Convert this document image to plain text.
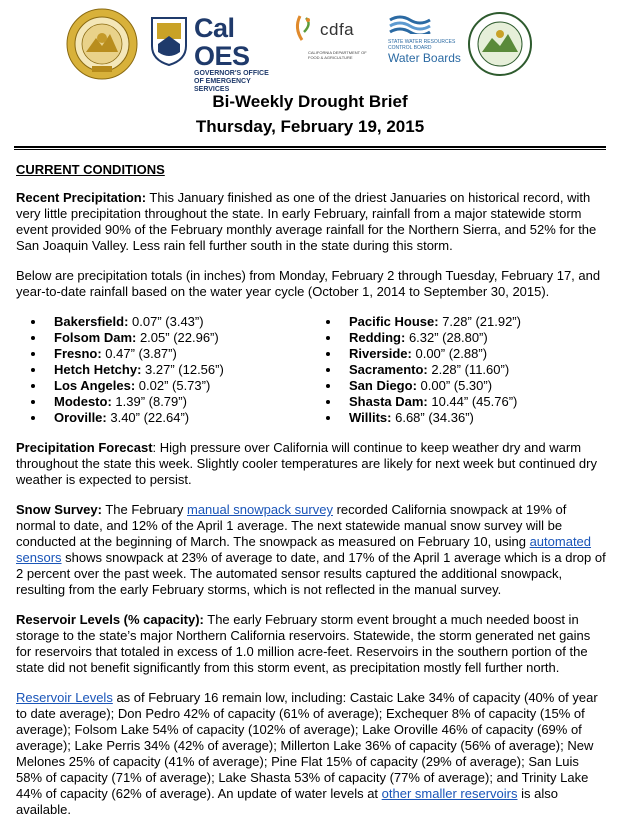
Cal OES
GOVERNOR'S OFFICE
OF EMERGENCY SERVICES
cdfa
CALIFORNIA DEPARTMENT OF FOOD & AGRICULTURE
STATE WATER RESOURCES CONTROL BOARD
Water Boards
Bi-Weekly Drought Brief
Thursday, February 19, 2015
CURRENT CONDITIONS

Recent Precipitation: This January finished as one of the driest Januaries on historical record, with very little precipitation throughout the state. In early February, rainfall from a major statewide storm event provided 90% of the February monthly average rainfall for the Northern Sierra, and 52% for the San Joaquin Valley. Less rain fell further south in the state during this storm.

Below are precipitation totals (in inches) from Monday, February 2 through Tuesday, February 17, and year-to-date rainfall based on the water year cycle (October 1, 2014 to September 30, 2015).

• Bakersfield: 0.07” (3.43”)
• Folsom Dam: 2.05” (22.96”)
• Fresno: 0.47” (3.87”)
• Hetch Hetchy: 3.27” (12.56”)
• Los Angeles: 0.02” (5.73”)
• Modesto: 1.39” (8.79”)
• Oroville: 3.40” (22.64”)
• Pacific House: 7.28” (21.92”)
• Redding: 6.32” (28.80”)
• Riverside: 0.00” (2.88”)
• Sacramento: 2.28” (11.60”)
• San Diego: 0.00” (5.30”)
• Shasta Dam: 10.44” (45.76”)
• Willits: 6.68” (34.36”)

Precipitation Forecast: High pressure over California will continue to keep weather dry and warm throughout the state this week. Slightly cooler temperatures are likely for next week but continued dry weather is expected to persist.

Snow Survey: The February manual snowpack survey recorded California snowpack at 19% of normal to date, and 12% of the April 1 average. The next statewide manual snow survey will be conducted at the beginning of March. The snowpack as measured on February 10, using automated sensors shows snowpack at 23% of average to date, and 17% of the April 1 average which is a drop of 2 percent over the past week. The automated sensor results captured the additional snowpack, resulting from the early February storms, which is not reflected in the manual survey.

Reservoir Levels (% capacity): The early February storm event brought a much needed boost in storage to the state’s major Northern California reservoirs. Statewide, the storm generated net gains for reservoirs that totaled in excess of 1.0 million acre-feet. Reservoirs in the southern portion of the state did not benefit significantly from this storm event, as precipitation mostly fell further north.

Reservoir Levels as of February 16 remain low, including: Castaic Lake 34% of capacity (40% of year to date average); Don Pedro 42% of capacity (61% of average); Exchequer 8% of capacity (15% of average); Folsom Lake 54% of capacity (102% of average); Lake Oroville 46% of capacity (69% of average); Lake Perris 34% (42% of average); Millerton Lake 36% of capacity (56% of average); New Melones 25% of capacity (41% of average); Pine Flat 15% of capacity (29% of average); San Luis 58% of capacity (71% of average); Lake Shasta 53% of capacity (77% of average); and Trinity Lake 44% of capacity (62% of average). An update of water levels at other smaller reservoirs is also available.
